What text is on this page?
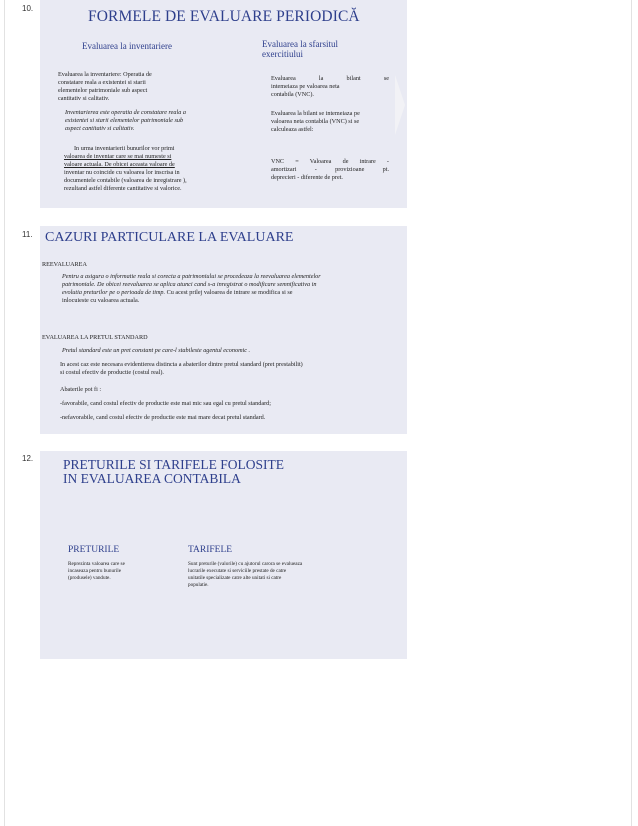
10.	FORMELE DE EVALUARE PERIODICĂ
Evaluarea la inventariere	Evaluarea la sfarsitul
exercitiului
Evaluarea la inventariere: Operatia de
constatare reala a existentei si starii
elementelor patrimoniale sub aspect
cantitativ si calitativ.
Inventarierea este operatia de constatare reala a
existentei si starii elementelor patrimoniale sub
aspect cantitativ si calitativ.
In urma inventarierii bunurilor vor primi
valoarea de inventar care se mai numeste si
valoare actuala. De obicei aceasta valoare de
inventar nu coincide cu valoarea lor inscrisa in
documentele contabile (valoarea de inregistrare ),
rezultand astfel diferente cantitative si valorice.
Evaluarea la bilant se
intemeiaza pe valoarea neta
contabila (VNC).
Evaluarea la bilant se intemeiaza pe
valoarea neta contabila (VNC) si se
calculeaza astfel:
VNC = Valoarea de intrare -
amortizari - provizioane pt.
deprecieri - diferente de pret.
11. CAZURI PARTICULARE LA EVALUARE
REEVALUAREA
Pentru a asigura o informatie reala si corecta a patrimoniului se procedeaza la reevaluarea elementelor
patrimoniale. De obicei reevaluarea se aplica atunci cand s-a inregistrat o modificare semnificativa in
evolutia preturilor pe o perioada de timp. Cu acest prilej valoarea de intrare se modifica si se
inlocuieste cu valoarea actuala.
EVALUAREA LA PRETUL STANDARD
Pretul standard este un pret constant pe care-l stabileste agentul economic .
In acest caz este necesara evidentierea distincta a abaterilor dintre pretul standard (pret prestabilit)
si costul efectiv de productie (costul real).
Abaterile pot fi :
-favorabile, cand costul efectiv de productie este mai mic sau egal cu pretul standard;
-nefavorabile, cand costul efectiv de productie este mai mare decat pretul standard.
12. PRETURILE SI TARIFELE FOLOSITE
IN EVALUAREA CONTABILA
PRETURILE
Reprezinta valoarea care se
incaseaza pentru bunurile
(produsele) vandute.
TARIFELE
Sunt preturile (valorile) cu ajutorul carora se evalueaza
lucrarile executate si serviciile prestate de catre
unitatile specializate catre alte unitati si catre
populatie.
